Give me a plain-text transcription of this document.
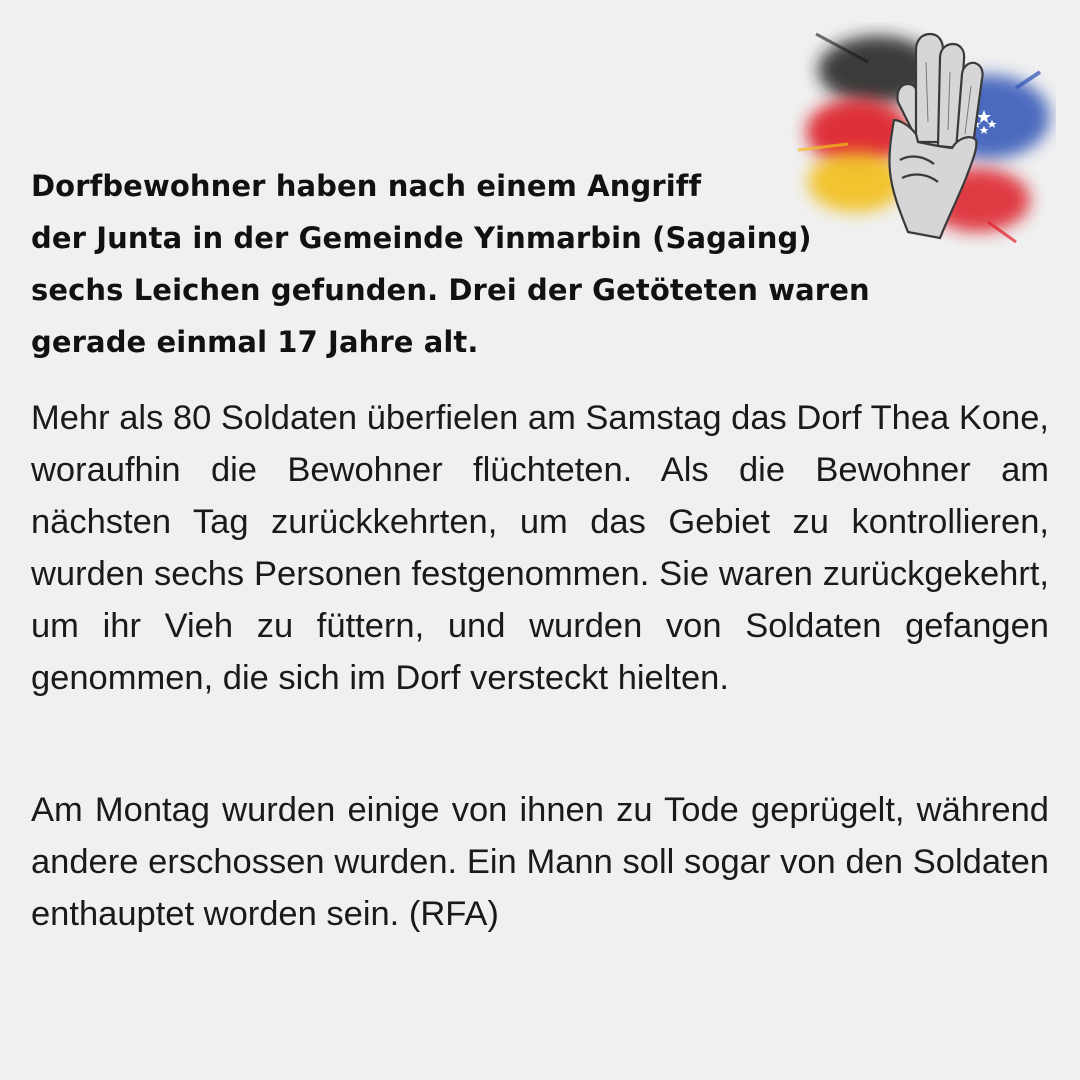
Dorfbewohner haben nach einem Angriff
der Junta in der Gemeinde Yinmarbin (Sagaing)
sechs Leichen gefunden. Drei der Getöteten waren
gerade einmal 17 Jahre alt.

Mehr als 80 Soldaten überfielen am Samstag das Dorf Thea Kone, woraufhin die Bewohner flüchteten. Als die Bewohner am nächsten Tag zurückkehrten, um das Gebiet zu kontrollieren, wurden sechs Personen festgenommen. Sie waren zurückgekehrt, um ihr Vieh zu füttern, und wurden von Soldaten gefangen genommen, die sich im Dorf versteckt hielten.

Am Montag wurden einige von ihnen zu Tode geprügelt, während andere erschossen wurden. Ein Mann soll sogar von den Soldaten enthauptet worden sein. (RFA)
